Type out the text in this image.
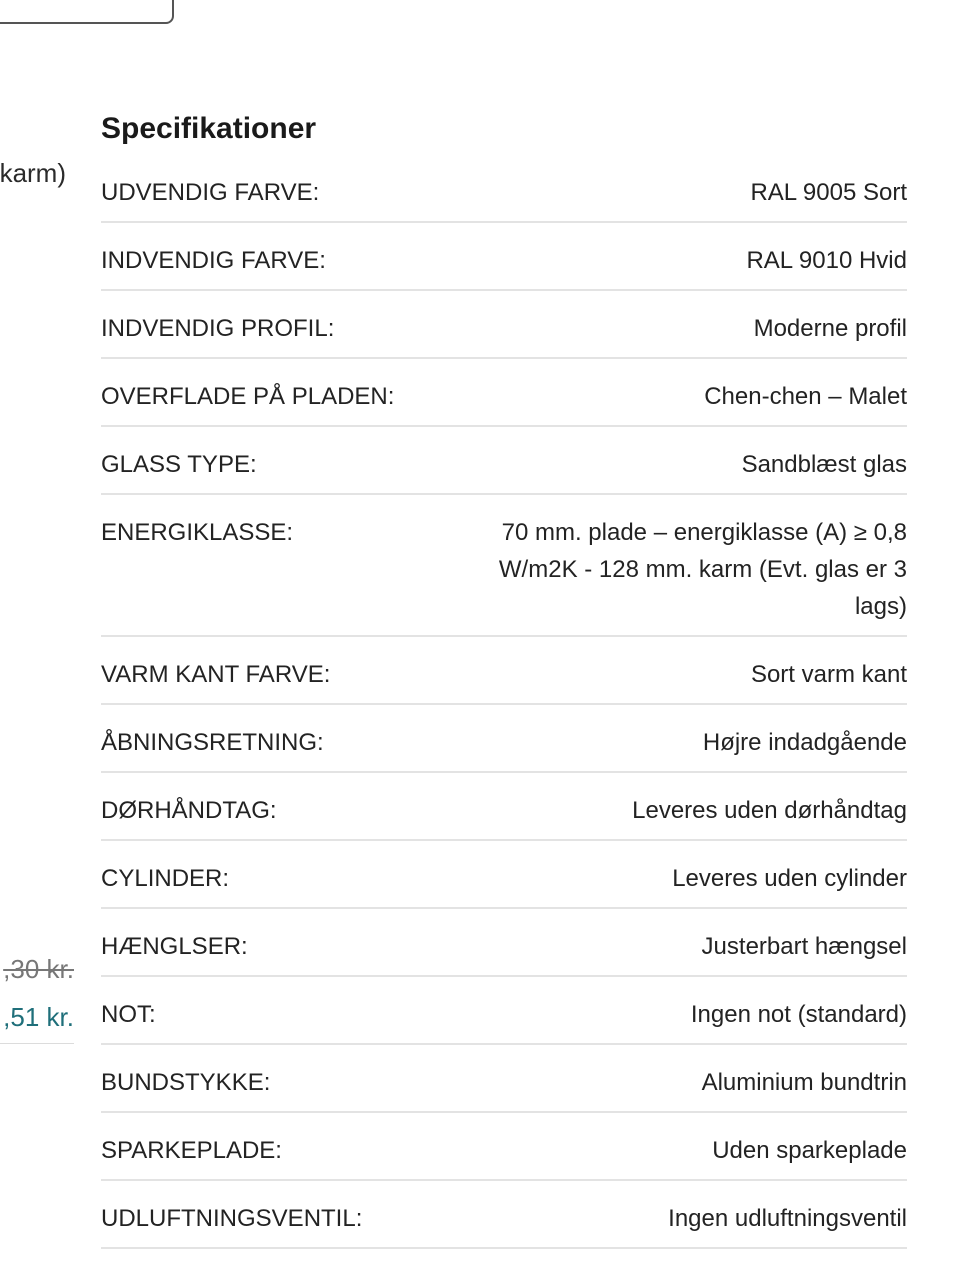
karm)
,30 kr.
,51 kr.
Specifikationer
UDVENDIG FARVE:	RAL 9005 Sort
INDVENDIG FARVE:	RAL 9010 Hvid
INDVENDIG PROFIL:	Moderne profil
OVERFLADE PÅ PLADEN:	Chen-chen – Malet
GLASS TYPE:	Sandblæst glas
ENERGIKLASSE:	70 mm. plade – energiklasse (A) ≥ 0,8 W/m2K - 128 mm. karm (Evt. glas er 3 lags)
VARM KANT FARVE:	Sort varm kant
ÅBNINGSRETNING:	Højre indadgående
DØRHÅNDTAG:	Leveres uden dørhåndtag
CYLINDER:	Leveres uden cylinder
HÆNGLSER:	Justerbart hængsel
NOT:	Ingen not (standard)
BUNDSTYKKE:	Aluminium bundtrin
SPARKEPLADE:	Uden sparkeplade
UDLUFTNINGSVENTIL:	Ingen udluftningsventil
